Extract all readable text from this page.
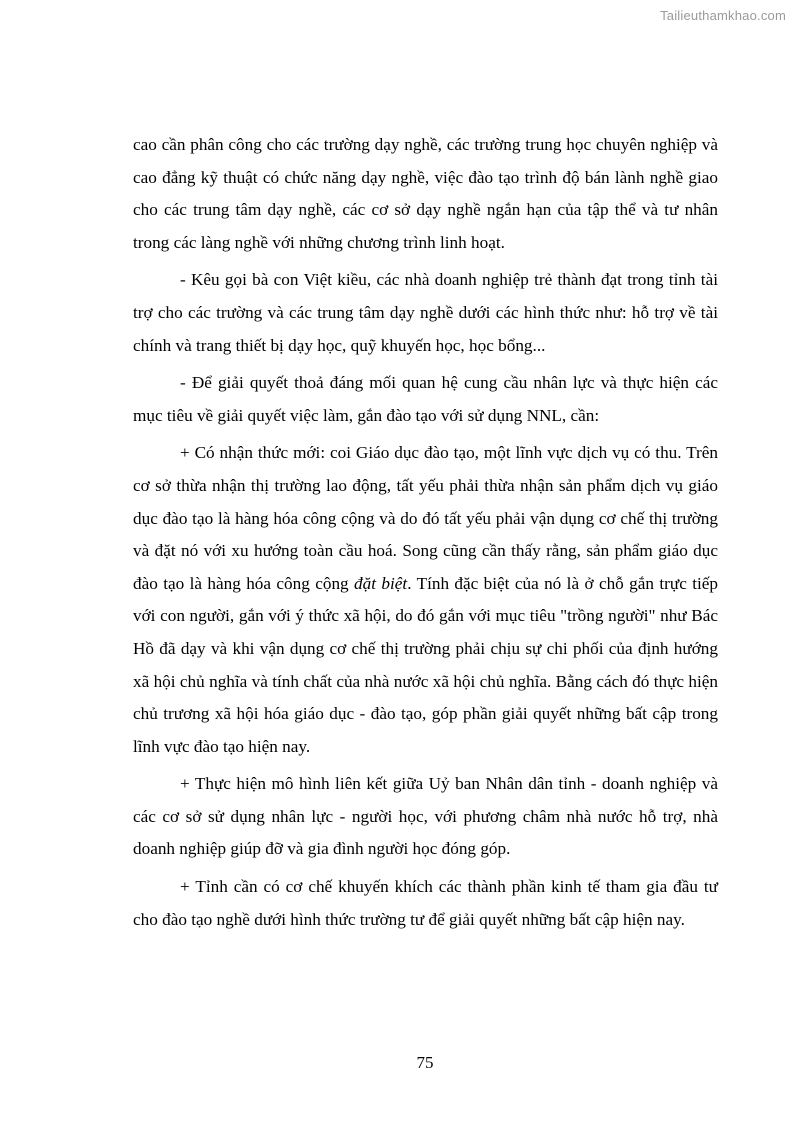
Tailieuthamkhao.com

cao cần phân công cho các trường dạy nghề, các trường trung học chuyên nghiệp và cao đẳng kỹ thuật có chức năng dạy nghề, việc đào tạo trình độ bán lành nghề giao cho các trung tâm dạy nghề, các cơ sở dạy nghề ngắn hạn của tập thể và tư nhân trong các làng nghề với những chương trình linh hoạt.

- Kêu gọi bà con Việt kiều, các nhà doanh nghiệp trẻ thành đạt trong tỉnh tài trợ cho các trường và các trung tâm dạy nghề dưới các hình thức như: hỗ trợ về tài chính và trang thiết bị dạy học, quỹ khuyến học, học bổng...

- Để giải quyết thoả đáng mối quan hệ cung cầu nhân lực và thực hiện các mục tiêu về giải quyết việc làm, gắn đào tạo với sử dụng NNL, cần:

+ Có nhận thức mới: coi Giáo dục đào tạo, một lĩnh vực dịch vụ có thu. Trên cơ sở thừa nhận thị trường lao động, tất yếu phải thừa nhận sản phẩm dịch vụ giáo dục đào tạo là hàng hóa công cộng và do đó tất yếu phải vận dụng cơ chế thị trường và đặt nó với xu hướng toàn cầu hoá. Song cũng cần thấy rằng, sản phẩm giáo dục đào tạo là hàng hóa công cộng đặt biệt. Tính đặc biệt của nó là ở chỗ gắn trực tiếp với con người, gắn với ý thức xã hội, do đó gắn với mục tiêu "trồng người" như Bác Hồ đã dạy và khi vận dụng cơ chế thị trường phải chịu sự chi phối của định hướng xã hội chủ nghĩa và tính chất của nhà nước xã hội chủ nghĩa. Bằng cách đó thực hiện chủ trương xã hội hóa giáo dục - đào tạo, góp phần giải quyết những bất cập trong lĩnh vực đào tạo hiện nay.

+ Thực hiện mô hình liên kết giữa Uỷ ban Nhân dân tỉnh - doanh nghiệp và các cơ sở sử dụng nhân lực - người học, với phương châm nhà nước hỗ trợ, nhà doanh nghiệp giúp đỡ và gia đình người học đóng góp.

+ Tỉnh cần có cơ chế khuyến khích các thành phần kinh tế tham gia đầu tư cho đào tạo nghề dưới hình thức trường tư để giải quyết những bất cập hiện nay.

75
